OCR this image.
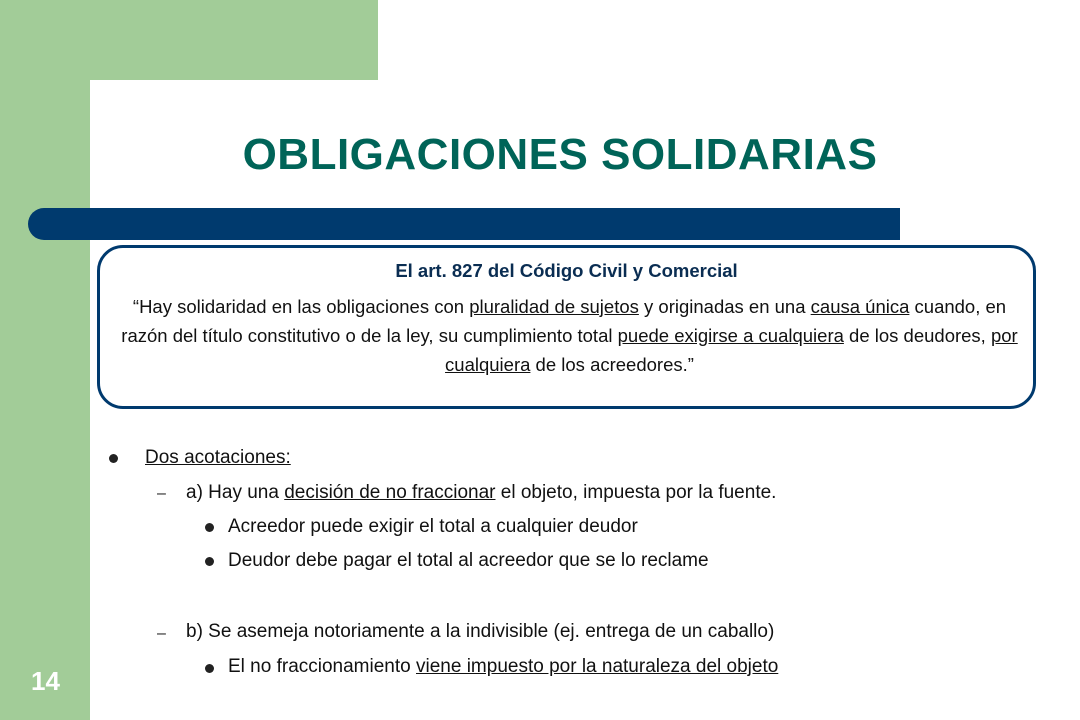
OBLIGACIONES SOLIDARIAS
El art. 827 del Código Civil y Comercial
“Hay solidaridad en las obligaciones con pluralidad de sujetos y originadas en una causa única cuando, en razón del título constitutivo o de la ley, su cumplimiento total puede exigirse a cualquiera de los deudores, por cualquiera de los acreedores.”
Dos acotaciones:
– a) Hay una decisión de no fraccionar el objeto, impuesta por la fuente.
Acreedor puede exigir el total a cualquier deudor
Deudor debe pagar el total al acreedor que se lo reclame
– b) Se asemeja notoriamente a la indivisible (ej. entrega de un caballo)
El no fraccionamiento viene impuesto por la naturaleza del objeto
14
